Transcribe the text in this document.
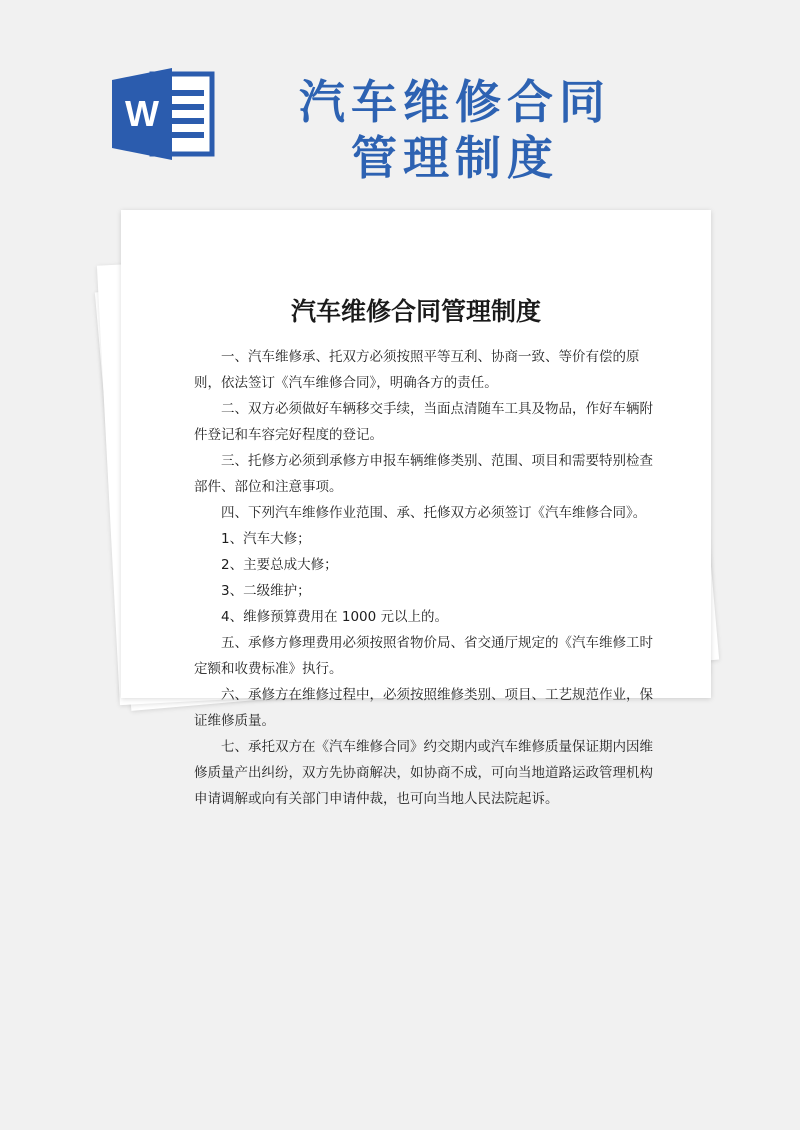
W	汽车维修合同
管理制度
汽车维修合同管理制度

一、汽车维修承、托双方必须按照平等互利、协商一致、等价有偿的原则，依法签订《汽车维修合同》，明确各方的责任。

二、双方必须做好车辆移交手续，当面点清随车工具及物品，作好车辆附件登记和车容完好程度的登记。

三、托修方必须到承修方申报车辆维修类别、范围、项目和需要特别检查部件、部位和注意事项。

四、下列汽车维修作业范围、承、托修双方必须签订《汽车维修合同》。

1、汽车大修；

2、主要总成大修；

3、二级维护；

4、维修预算费用在 1000 元以上的。

五、承修方修理费用必须按照省物价局、省交通厅规定的《汽车维修工时定额和收费标准》执行。

六、承修方在维修过程中，必须按照维修类别、项目、工艺规范作业，保证维修质量。

七、承托双方在《汽车维修合同》约交期内或汽车维修质量保证期内因维修质量产出纠纷，双方先协商解决，如协商不成，可向当地道路运政管理机构申请调解或向有关部门申请仲裁，也可向当地人民法院起诉。
